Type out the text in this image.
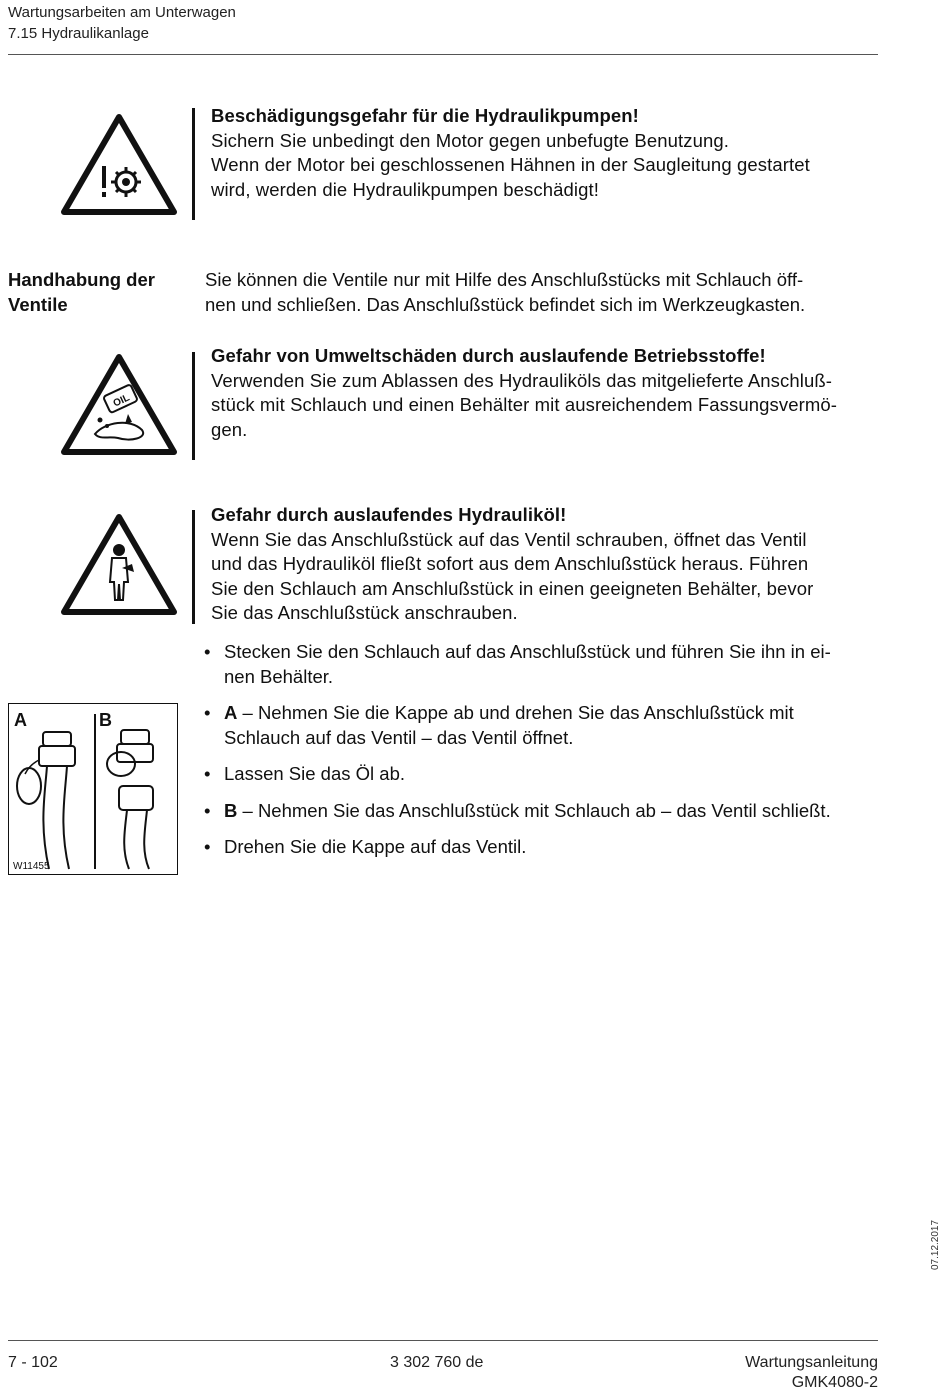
Wartungsarbeiten am Unterwagen
7.15 Hydraulikanlage
Beschädigungsgefahr für die Hydraulikpumpen!
Sichern Sie unbedingt den Motor gegen unbefugte Benutzung.
Wenn der Motor bei geschlossenen Hähnen in der Saugleitung gestartet
wird, werden die Hydraulikpumpen beschädigt!
Handhabung der
Ventile
Sie können die Ventile nur mit Hilfe des Anschlußstücks mit Schlauch öff-
nen und schließen. Das Anschlußstück befindet sich im Werkzeugkasten.
OIL
Gefahr von Umweltschäden durch auslaufende Betriebsstoffe!
Verwenden Sie zum Ablassen des Hydrauliköls das mitgelieferte Anschluß-
stück mit Schlauch und einen Behälter mit ausreichendem Fassungsvermö-
gen.
Gefahr durch auslaufendes Hydrauliköl!
Wenn Sie das Anschlußstück auf das Ventil schrauben, öffnet das Ventil
und das Hydrauliköl fließt sofort aus dem Anschlußstück heraus. Führen
Sie den Schlauch am Anschlußstück in einen geeigneten Behälter, bevor
Sie das Anschlußstück anschrauben.
• Stecken Sie den Schlauch auf das Anschlußstück und führen Sie ihn in ei-
nen Behälter.
• A – Nehmen Sie die Kappe ab und drehen Sie das Anschlußstück mit
Schlauch auf das Ventil – das Ventil öffnet.
• Lassen Sie das Öl ab.
• B – Nehmen Sie das Anschlußstück mit Schlauch ab – das Ventil schließt.
• Drehen Sie die Kappe auf das Ventil.
A	B
W11455
07.12.2017
7 - 102	3 302 760 de	Wartungsanleitung
GMK4080-2
